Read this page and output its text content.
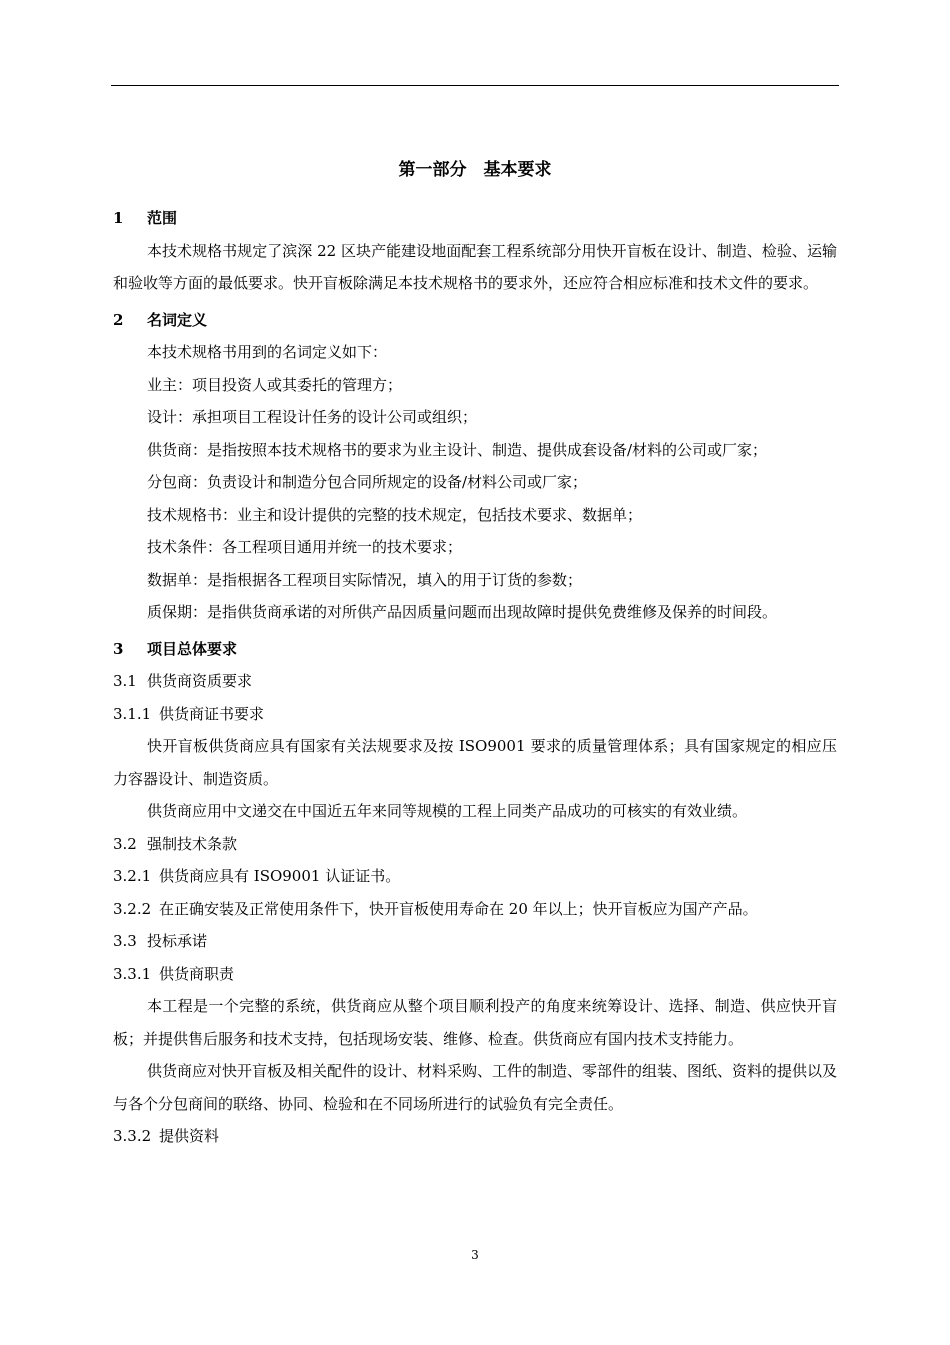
第一部分　基本要求
1 范围
本技术规格书规定了滨深 22 区块产能建设地面配套工程系统部分用快开盲板在设计、制造、检验、运输和验收等方面的最低要求。快开盲板除满足本技术规格书的要求外，还应符合相应标准和技术文件的要求。
2 名词定义
本技术规格书用到的名词定义如下：
业主：项目投资人或其委托的管理方；
设计：承担项目工程设计任务的设计公司或组织；
供货商：是指按照本技术规格书的要求为业主设计、制造、提供成套设备/材料的公司或厂家；
分包商：负责设计和制造分包合同所规定的设备/材料公司或厂家；
技术规格书：业主和设计提供的完整的技术规定，包括技术要求、数据单；
技术条件：各工程项目通用并统一的技术要求；
数据单：是指根据各工程项目实际情况，填入的用于订货的参数；
质保期：是指供货商承诺的对所供产品因质量问题而出现故障时提供免费维修及保养的时间段。
3 项目总体要求
3.1 供货商资质要求
3.1.1 供货商证书要求
快开盲板供货商应具有国家有关法规要求及按 ISO9001 要求的质量管理体系；具有国家规定的相应压力容器设计、制造资质。
供货商应用中文递交在中国近五年来同等规模的工程上同类产品成功的可核实的有效业绩。
3.2 强制技术条款
3.2.1 供货商应具有 ISO9001 认证证书。
3.2.2 在正确安装及正常使用条件下，快开盲板使用寿命在 20 年以上；快开盲板应为国产产品。
3.3 投标承诺
3.3.1 供货商职责
本工程是一个完整的系统，供货商应从整个项目顺利投产的角度来统筹设计、选择、制造、供应快开盲板；并提供售后服务和技术支持，包括现场安装、维修、检查。供货商应有国内技术支持能力。
供货商应对快开盲板及相关配件的设计、材料采购、工件的制造、零部件的组装、图纸、资料的提供以及与各个分包商间的联络、协同、检验和在不同场所进行的试验负有完全责任。
3.3.2 提供资料
3
